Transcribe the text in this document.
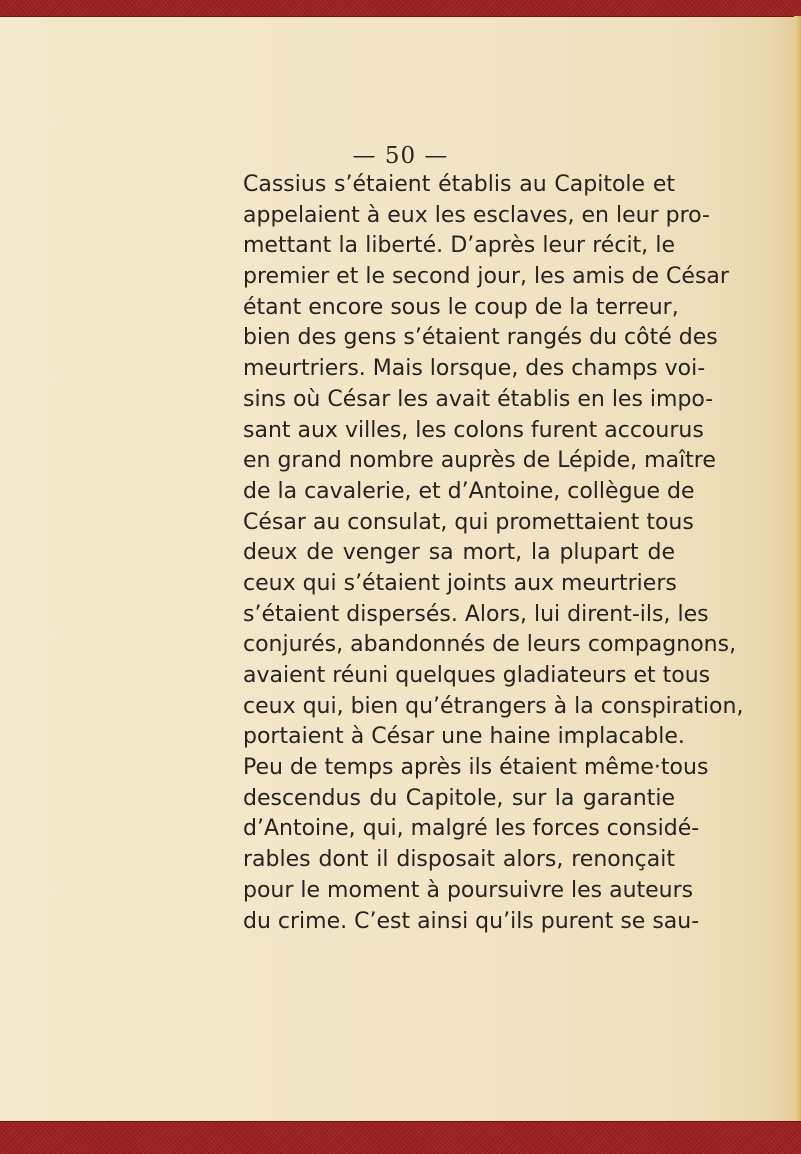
— 50 —
Cassius s’étaient établis au Capitole et
appelaient à eux les esclaves, en leur pro-
mettant la liberté. D’après leur récit, le
premier et le second jour, les amis de César
étant encore sous le coup de la terreur,
bien des gens s’étaient rangés du côté des
meurtriers. Mais lorsque, des champs voi-
sins où César les avait établis en les impo-
sant aux villes, les colons furent accourus
en grand nombre auprès de Lépide, maître
de la cavalerie, et d’Antoine, collègue de
César au consulat, qui promettaient tous
deux de venger sa mort, la plupart de
ceux qui s’étaient joints aux meurtriers
s’étaient dispersés. Alors, lui dirent-ils, les
conjurés, abandonnés de leurs compagnons,
avaient réuni quelques gladiateurs et tous
ceux qui, bien qu’étrangers à la conspiration,
portaient à César une haine implacable.
Peu de temps après ils étaient même·tous
descendus du Capitole, sur la garantie
d’Antoine, qui, malgré les forces considé-
rables dont il disposait alors, renonçait
pour le moment à poursuivre les auteurs
du crime. C’est ainsi qu’ils purent se sau-
